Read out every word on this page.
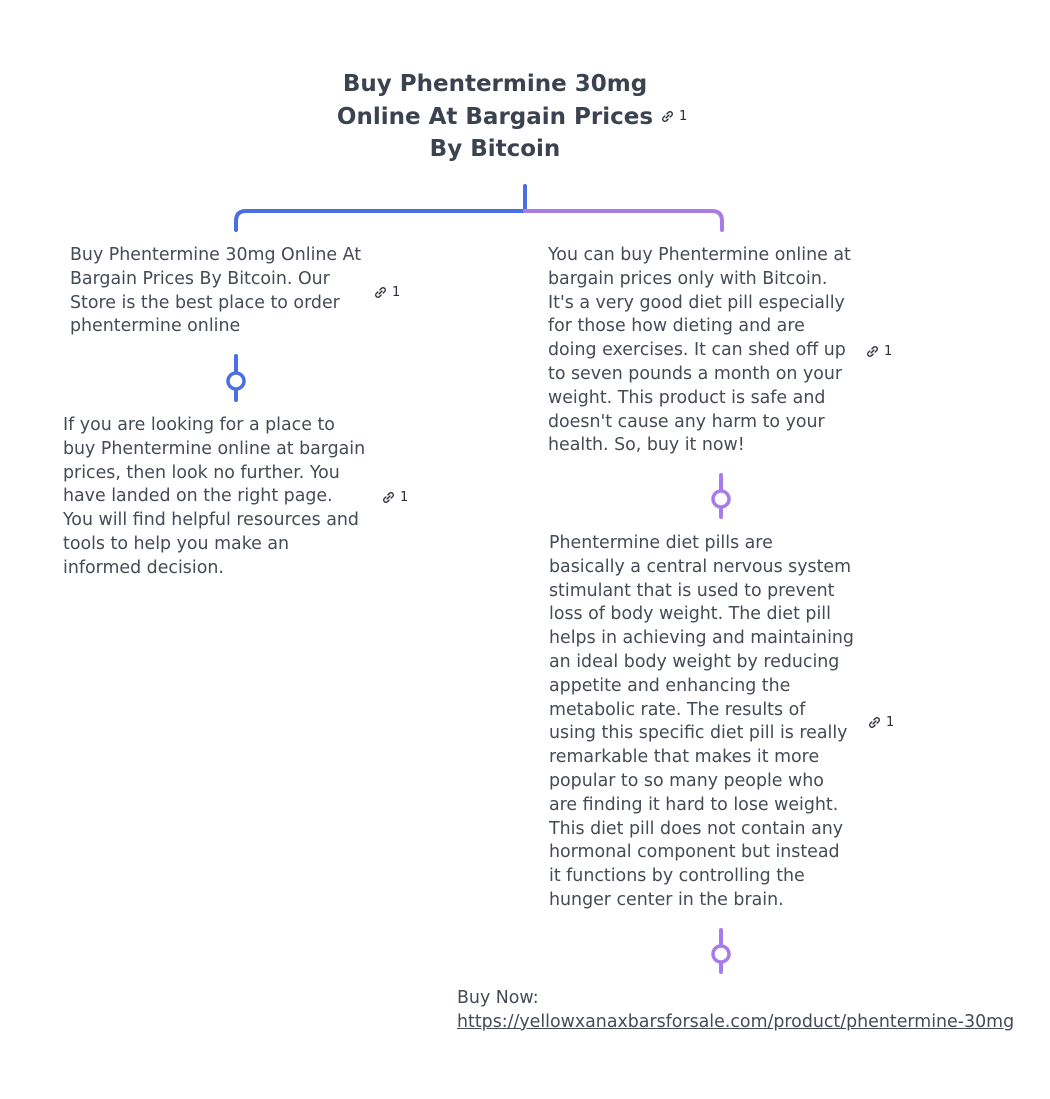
Buy Phentermine 30mg
Online At Bargain Prices
By Bitcoin
1

Buy Phentermine 30mg Online At Bargain Prices By Bitcoin. Our Store is the best place to order phentermine online

1

If you are looking for a place to buy Phentermine online at bargain prices, then look no further. You have landed on the right page. You will find helpful resources and tools to help you make an informed decision.

1

You can buy Phentermine online at bargain prices only with Bitcoin. It's a very good diet pill especially for those how dieting and are doing exercises. It can shed off up to seven pounds a month on your weight. This product is safe and doesn't cause any harm to your health. So, buy it now!

1

Phentermine diet pills are basically a central nervous system stimulant that is used to prevent loss of body weight. The diet pill helps in achieving and maintaining an ideal body weight by reducing appetite and enhancing the metabolic rate. The results of using this specific diet pill is really remarkable that makes it more popular to so many people who are finding it hard to lose weight. This diet pill does not contain any hormonal component but instead it functions by controlling the hunger center in the brain.

1
Buy Now:
https://yellowxanaxbarsforsale.com/product/phentermine-30mg
